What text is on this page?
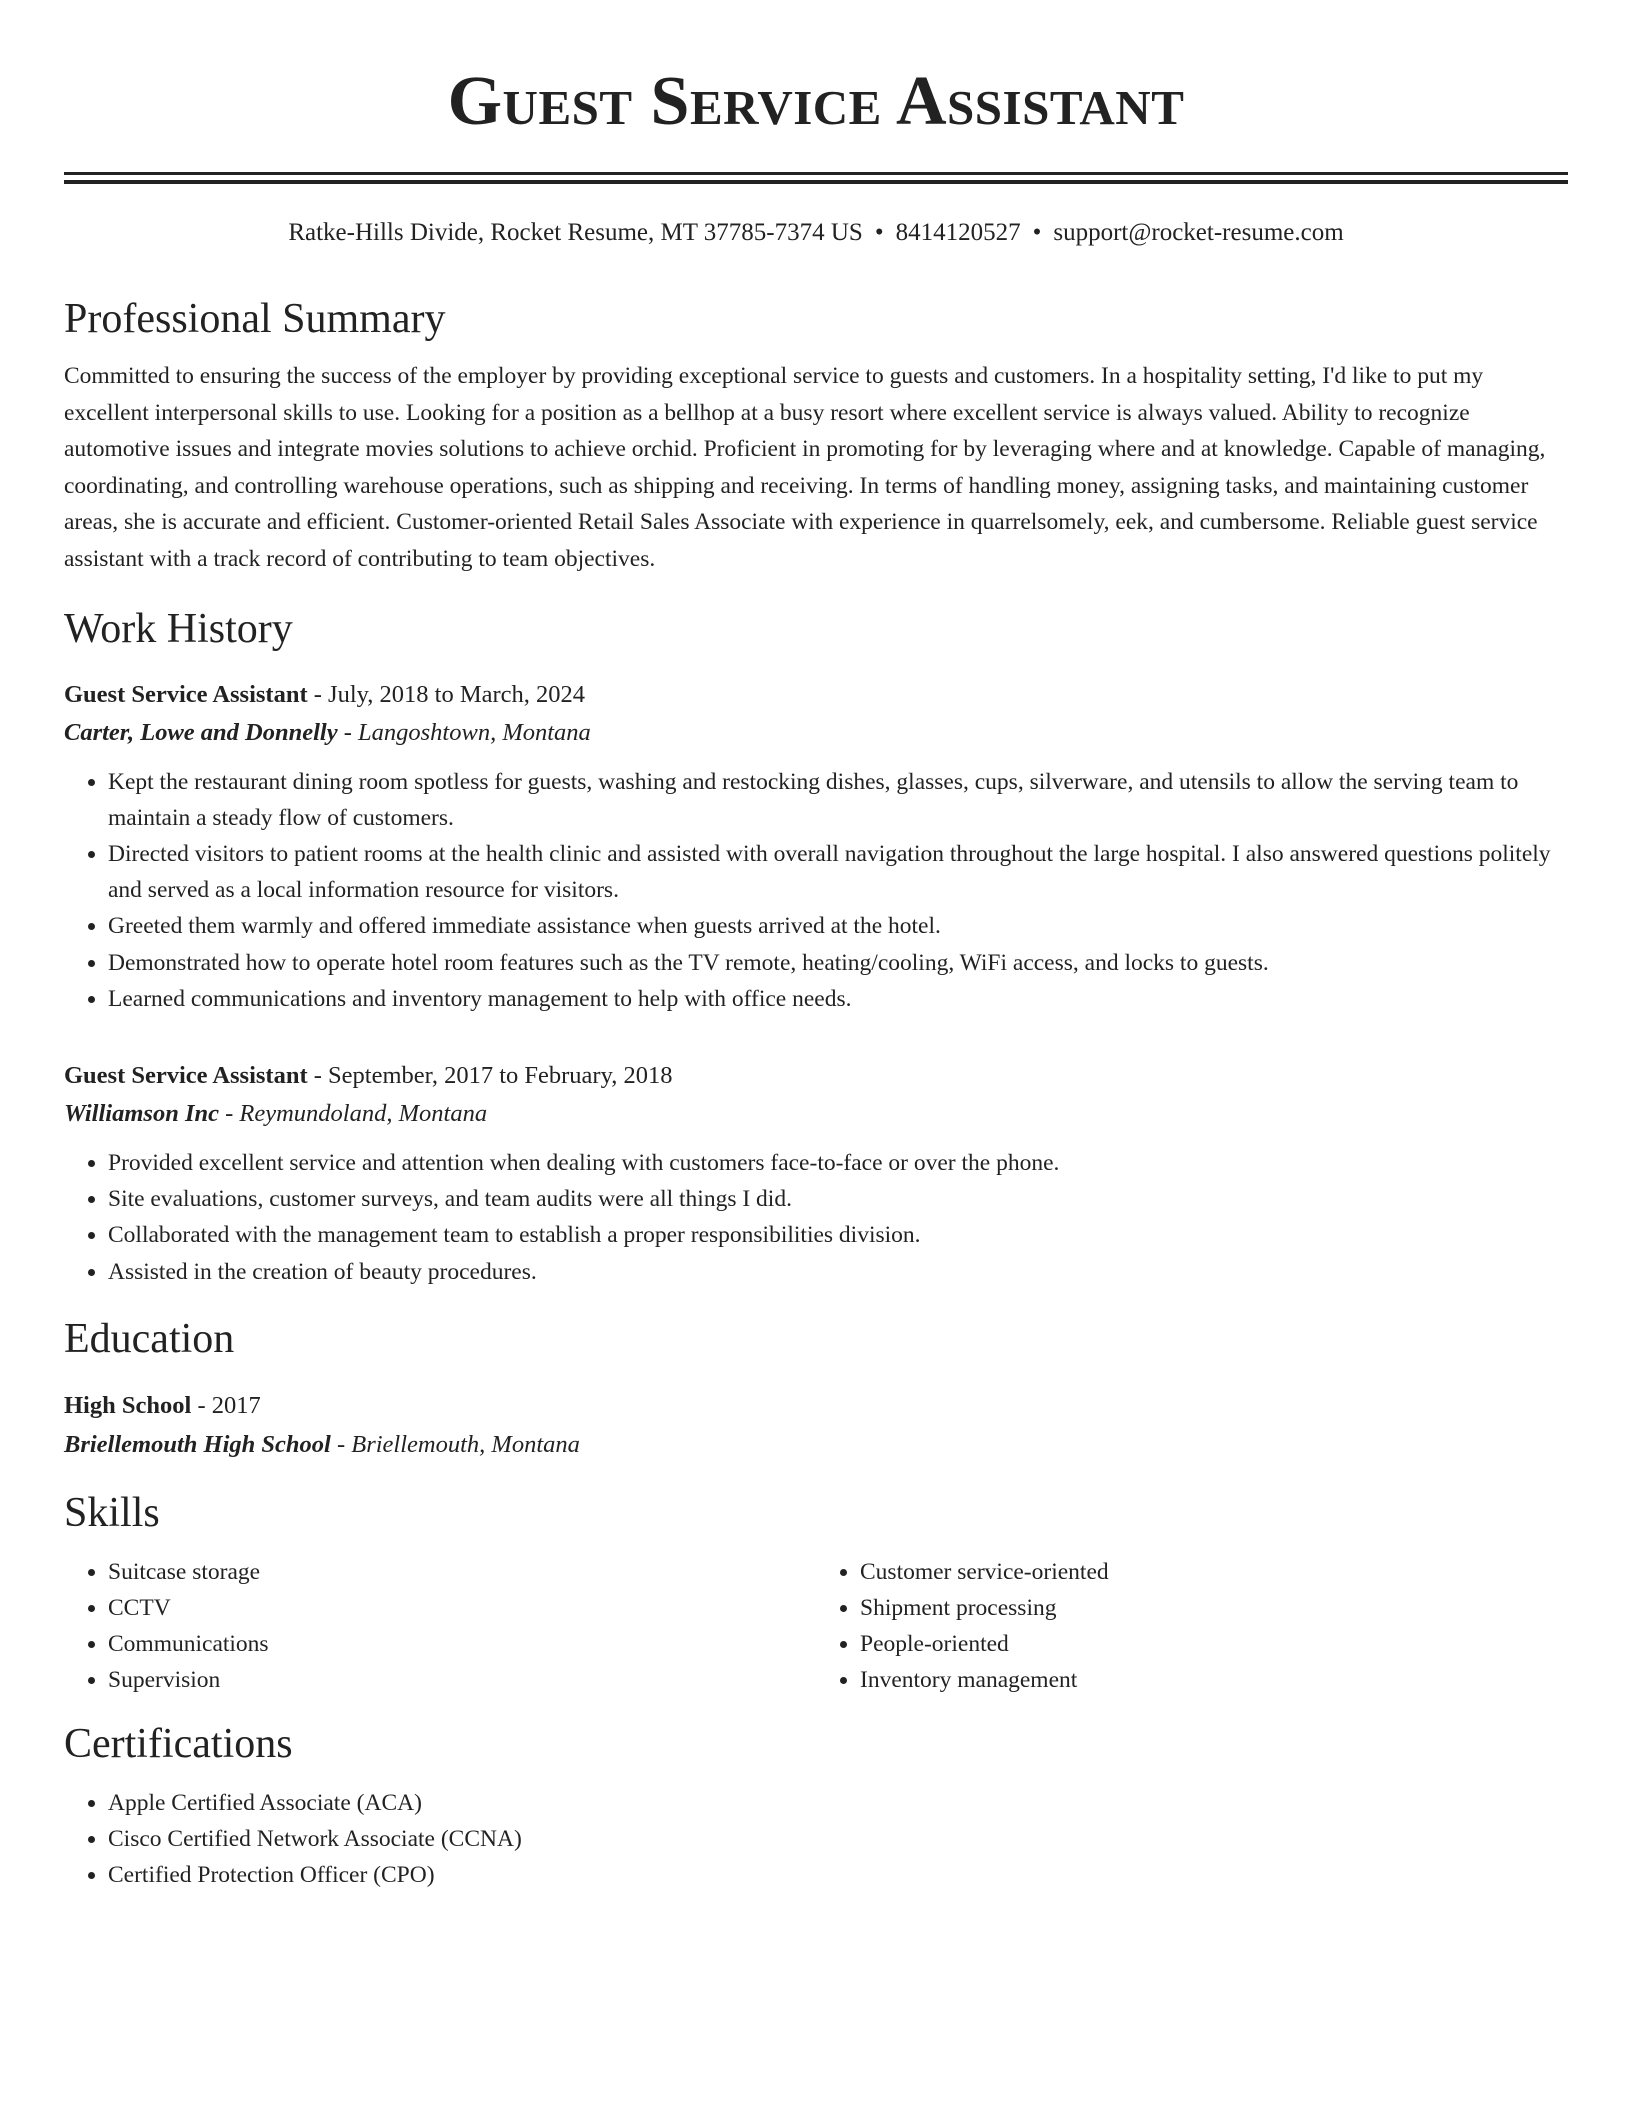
Guest Service Assistant
Ratke-Hills Divide, Rocket Resume, MT 37785-7374 US • 8414120527 • support@rocket-resume.com
Professional Summary
Committed to ensuring the success of the employer by providing exceptional service to guests and customers. In a hospitality setting, I'd like to put my excellent interpersonal skills to use. Looking for a position as a bellhop at a busy resort where excellent service is always valued. Ability to recognize automotive issues and integrate movies solutions to achieve orchid. Proficient in promoting for by leveraging where and at knowledge. Capable of managing, coordinating, and controlling warehouse operations, such as shipping and receiving. In terms of handling money, assigning tasks, and maintaining customer areas, she is accurate and efficient. Customer-oriented Retail Sales Associate with experience in quarrelsomely, eek, and cumbersome. Reliable guest service assistant with a track record of contributing to team objectives.
Work History
Guest Service Assistant - July, 2018 to March, 2024
Carter, Lowe and Donnelly - Langoshtown, Montana
• Kept the restaurant dining room spotless for guests, washing and restocking dishes, glasses, cups, silverware, and utensils to allow the serving team to maintain a steady flow of customers.
• Directed visitors to patient rooms at the health clinic and assisted with overall navigation throughout the large hospital. I also answered questions politely and served as a local information resource for visitors.
• Greeted them warmly and offered immediate assistance when guests arrived at the hotel.
• Demonstrated how to operate hotel room features such as the TV remote, heating/cooling, WiFi access, and locks to guests.
• Learned communications and inventory management to help with office needs.
Guest Service Assistant - September, 2017 to February, 2018
Williamson Inc - Reymundoland, Montana
• Provided excellent service and attention when dealing with customers face-to-face or over the phone.
• Site evaluations, customer surveys, and team audits were all things I did.
• Collaborated with the management team to establish a proper responsibilities division.
• Assisted in the creation of beauty procedures.
Education
High School - 2017
Briellemouth High School - Briellemouth, Montana
Skills
• Suitcase storage
• CCTV
• Communications
• Supervision
• Customer service-oriented
• Shipment processing
• People-oriented
• Inventory management
Certifications
• Apple Certified Associate (ACA)
• Cisco Certified Network Associate (CCNA)
• Certified Protection Officer (CPO)
